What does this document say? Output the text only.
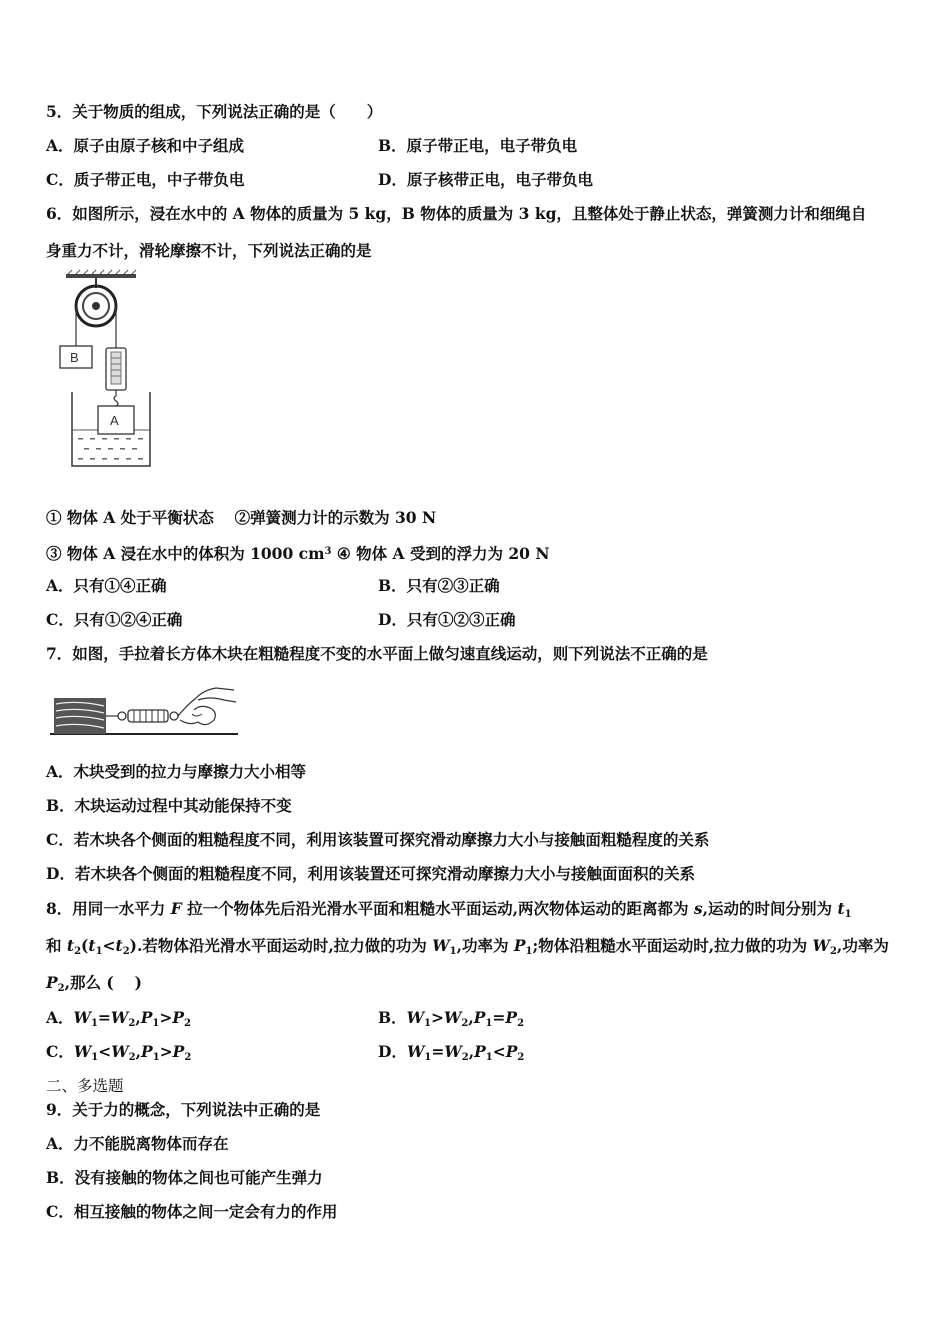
5．关于物质的组成，下列说法正确的是（　　）
A．原子由原子核和中子组成	B．原子带正电，电子带负电
C．质子带正电，中子带负电	D．原子核带正电，电子带负电
6．如图所示，浸在水中的 A 物体的质量为 5 kg，B 物体的质量为 3 kg，且整体处于静止状态，弹簧测力计和细绳自
身重力不计，滑轮摩擦不计，下列说法正确的是
B
A
① 物体 A 处于平衡状态　 ②弹簧测力计的示数为 30 N
③ 物体 A 浸在水中的体积为 1000 $cm^3$ ④ 物体 A 受到的浮力为 20 N
A．只有①④正确	B．只有②③正确
C．只有①②④正确	D．只有①②③正确
7．如图，手拉着长方体木块在粗糙程度不变的水平面上做匀速直线运动，则下列说法不正确的是
A．木块受到的拉力与摩擦力大小相等
B．木块运动过程中其动能保持不变
C．若木块各个侧面的粗糙程度不同，利用该装置可探究滑动摩擦力大小与接触面粗糙程度的关系
D．若木块各个侧面的粗糙程度不同，利用该装置还可探究滑动摩擦力大小与接触面面积的关系
8．用同一水平力 F 拉一个物体先后沿光滑水平面和粗糙水平面运动,两次物体运动的距离都为 s,运动的时间分别为 $t_1$
和 $t_2(t_1<t_2)$.若物体沿光滑水平面运动时,拉力做的功为 $W_1$,功率为 $P_1$;物体沿粗糙水平面运动时,拉力做的功为 $W_2$,功率为
$P_2$,那么 (　 )
A．$W_1=W_2,P_1>P_2$	B．$W_1>W_2,P_1=P_2$
C．$W_1<W_2,P_1>P_2$	D．$W_1=W_2,P_1<P_2$
二、多选题
9．关于力的概念，下列说法中正确的是
A．力不能脱离物体而存在
B．没有接触的物体之间也可能产生弹力
C．相互接触的物体之间一定会有力的作用
